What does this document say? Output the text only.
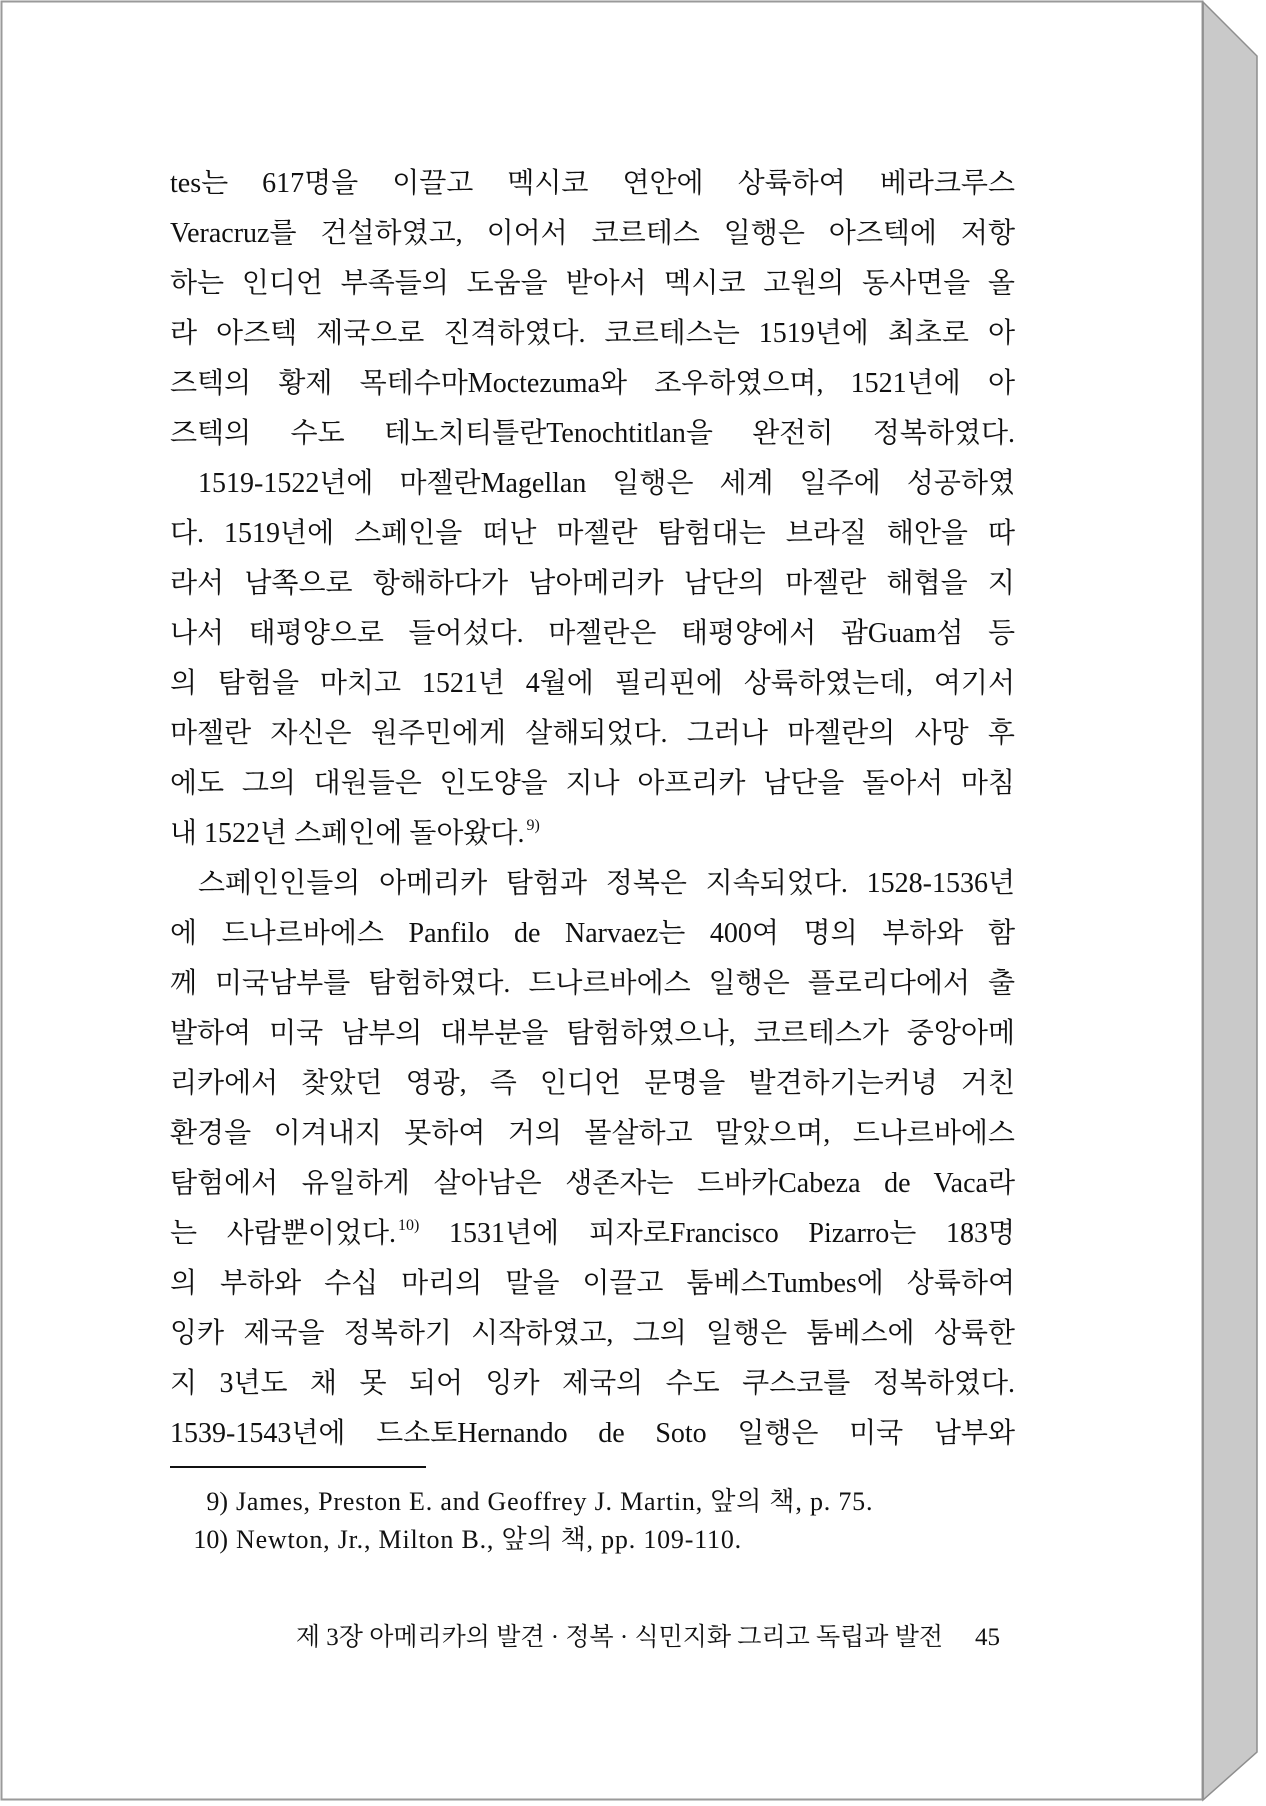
tes는 617명을 이끌고 멕시코 연안에 상륙하여 베라크루스
Veracruz를 건설하였고, 이어서 코르테스 일행은 아즈텍에 저항
하는 인디언 부족들의 도움을 받아서 멕시코 고원의 동사면을 올
라 아즈텍 제국으로 진격하였다. 코르테스는 1519년에 최초로 아
즈텍의 황제 목테수마Moctezuma와 조우하였으며, 1521년에 아
즈텍의 수도 테노치티틀란Tenochtitlan을 완전히 정복하였다.
1519-1522년에 마젤란Magellan 일행은 세계 일주에 성공하였
다. 1519년에 스페인을 떠난 마젤란 탐험대는 브라질 해안을 따
라서 남쪽으로 항해하다가 남아메리카 남단의 마젤란 해협을 지
나서 태평양으로 들어섰다. 마젤란은 태평양에서 괌Guam섬 등
의 탐험을 마치고 1521년 4월에 필리핀에 상륙하였는데, 여기서
마젤란 자신은 원주민에게 살해되었다. 그러나 마젤란의 사망 후
에도 그의 대원들은 인도양을 지나 아프리카 남단을 돌아서 마침
내 1522년 스페인에 돌아왔다. $^{9)}$
스페인인들의 아메리카 탐험과 정복은 지속되었다. 1528-1536년
에 드나르바에스 Panfilo de Narvaez는 400여 명의 부하와 함
께 미국남부를 탐험하였다. 드나르바에스 일행은 플로리다에서 출
발하여 미국 남부의 대부분을 탐험하였으나, 코르테스가 중앙아메
리카에서 찾았던 영광, 즉 인디언 문명을 발견하기는커녕 거친
환경을 이겨내지 못하여 거의 몰살하고 말았으며, 드나르바에스
탐험에서 유일하게 살아남은 생존자는 드바카Cabeza de Vaca라
는 사람뿐이었다. $^{10)}$ 1531년에 피자로Francisco Pizarro는 183명
의 부하와 수십 마리의 말을 이끌고 툼베스Tumbes에 상륙하여
잉카 제국을 정복하기 시작하였고, 그의 일행은 툼베스에 상륙한
지 3년도 채 못 되어 잉카 제국의 수도 쿠스코를 정복하였다.
1539-1543년에 드소토Hernando de Soto 일행은 미국 남부와
9) James, Preston E. and Geoffrey J. Martin, 앞의 책, p. 75.
10) Newton, Jr., Milton B., 앞의 책, pp. 109-110.
제 3장 아메리카의 발견 · 정복 · 식민지화 그리고 독립과 발전 45
